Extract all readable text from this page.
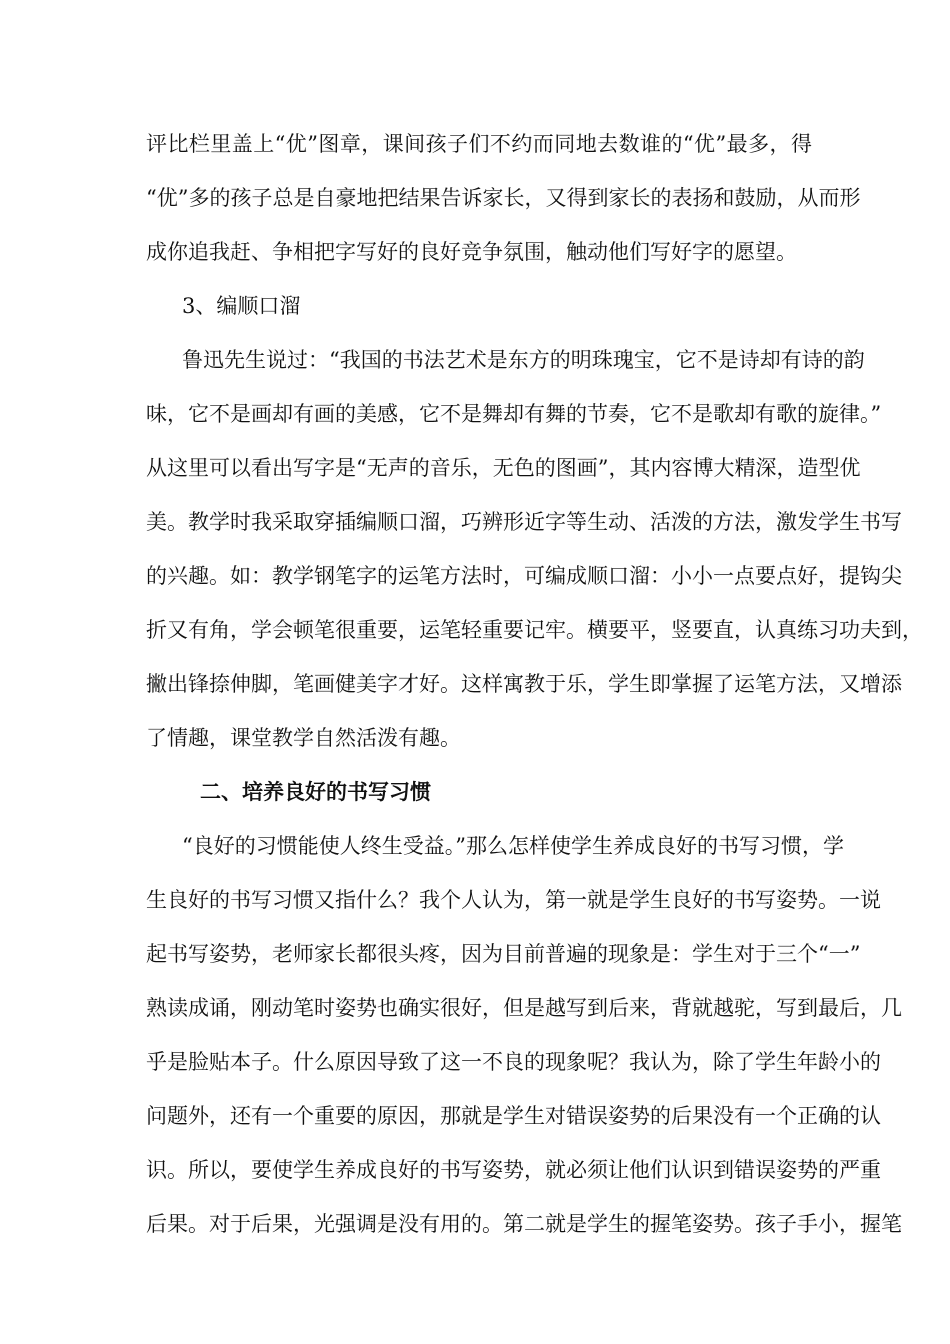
评比栏里盖上“优”图章，课间孩子们不约而同地去数谁的“优”最多，得
“优”多的孩子总是自豪地把结果告诉家长，又得到家长的表扬和鼓励，从而形
成你追我赶、争相把字写好的良好竞争氛围，触动他们写好字的愿望。
3、编顺口溜
鲁迅先生说过：“我国的书法艺术是东方的明珠瑰宝，它不是诗却有诗的韵
味，它不是画却有画的美感，它不是舞却有舞的节奏，它不是歌却有歌的旋律。”
从这里可以看出写字是“无声的音乐，无色的图画”，其内容博大精深，造型优
美。教学时我采取穿插编顺口溜，巧辨形近字等生动、活泼的方法，激发学生书写
的兴趣。如：教学钢笔字的运笔方法时，可编成顺口溜：小小一点要点好，提钩尖
折又有角，学会顿笔很重要，运笔轻重要记牢。横要平，竖要直，认真练习功夫到，
撇出锋捺伸脚，笔画健美字才好。这样寓教于乐，学生即掌握了运笔方法，又增添
了情趣，课堂教学自然活泼有趣。
二、培养良好的书写习惯
“良好的习惯能使人终生受益。”那么怎样使学生养成良好的书写习惯，学
生良好的书写习惯又指什么？我个人认为，第一就是学生良好的书写姿势。一说
起书写姿势，老师家长都很头疼，因为目前普遍的现象是：学生对于三个“一”
熟读成诵，刚动笔时姿势也确实很好，但是越写到后来，背就越驼，写到最后，几
乎是脸贴本子。什么原因导致了这一不良的现象呢？我认为，除了学生年龄小的
问题外，还有一个重要的原因，那就是学生对错误姿势的后果没有一个正确的认
识。所以，要使学生养成良好的书写姿势，就必须让他们认识到错误姿势的严重
后果。对于后果，光强调是没有用的。第二就是学生的握笔姿势。孩子手小，握笔
